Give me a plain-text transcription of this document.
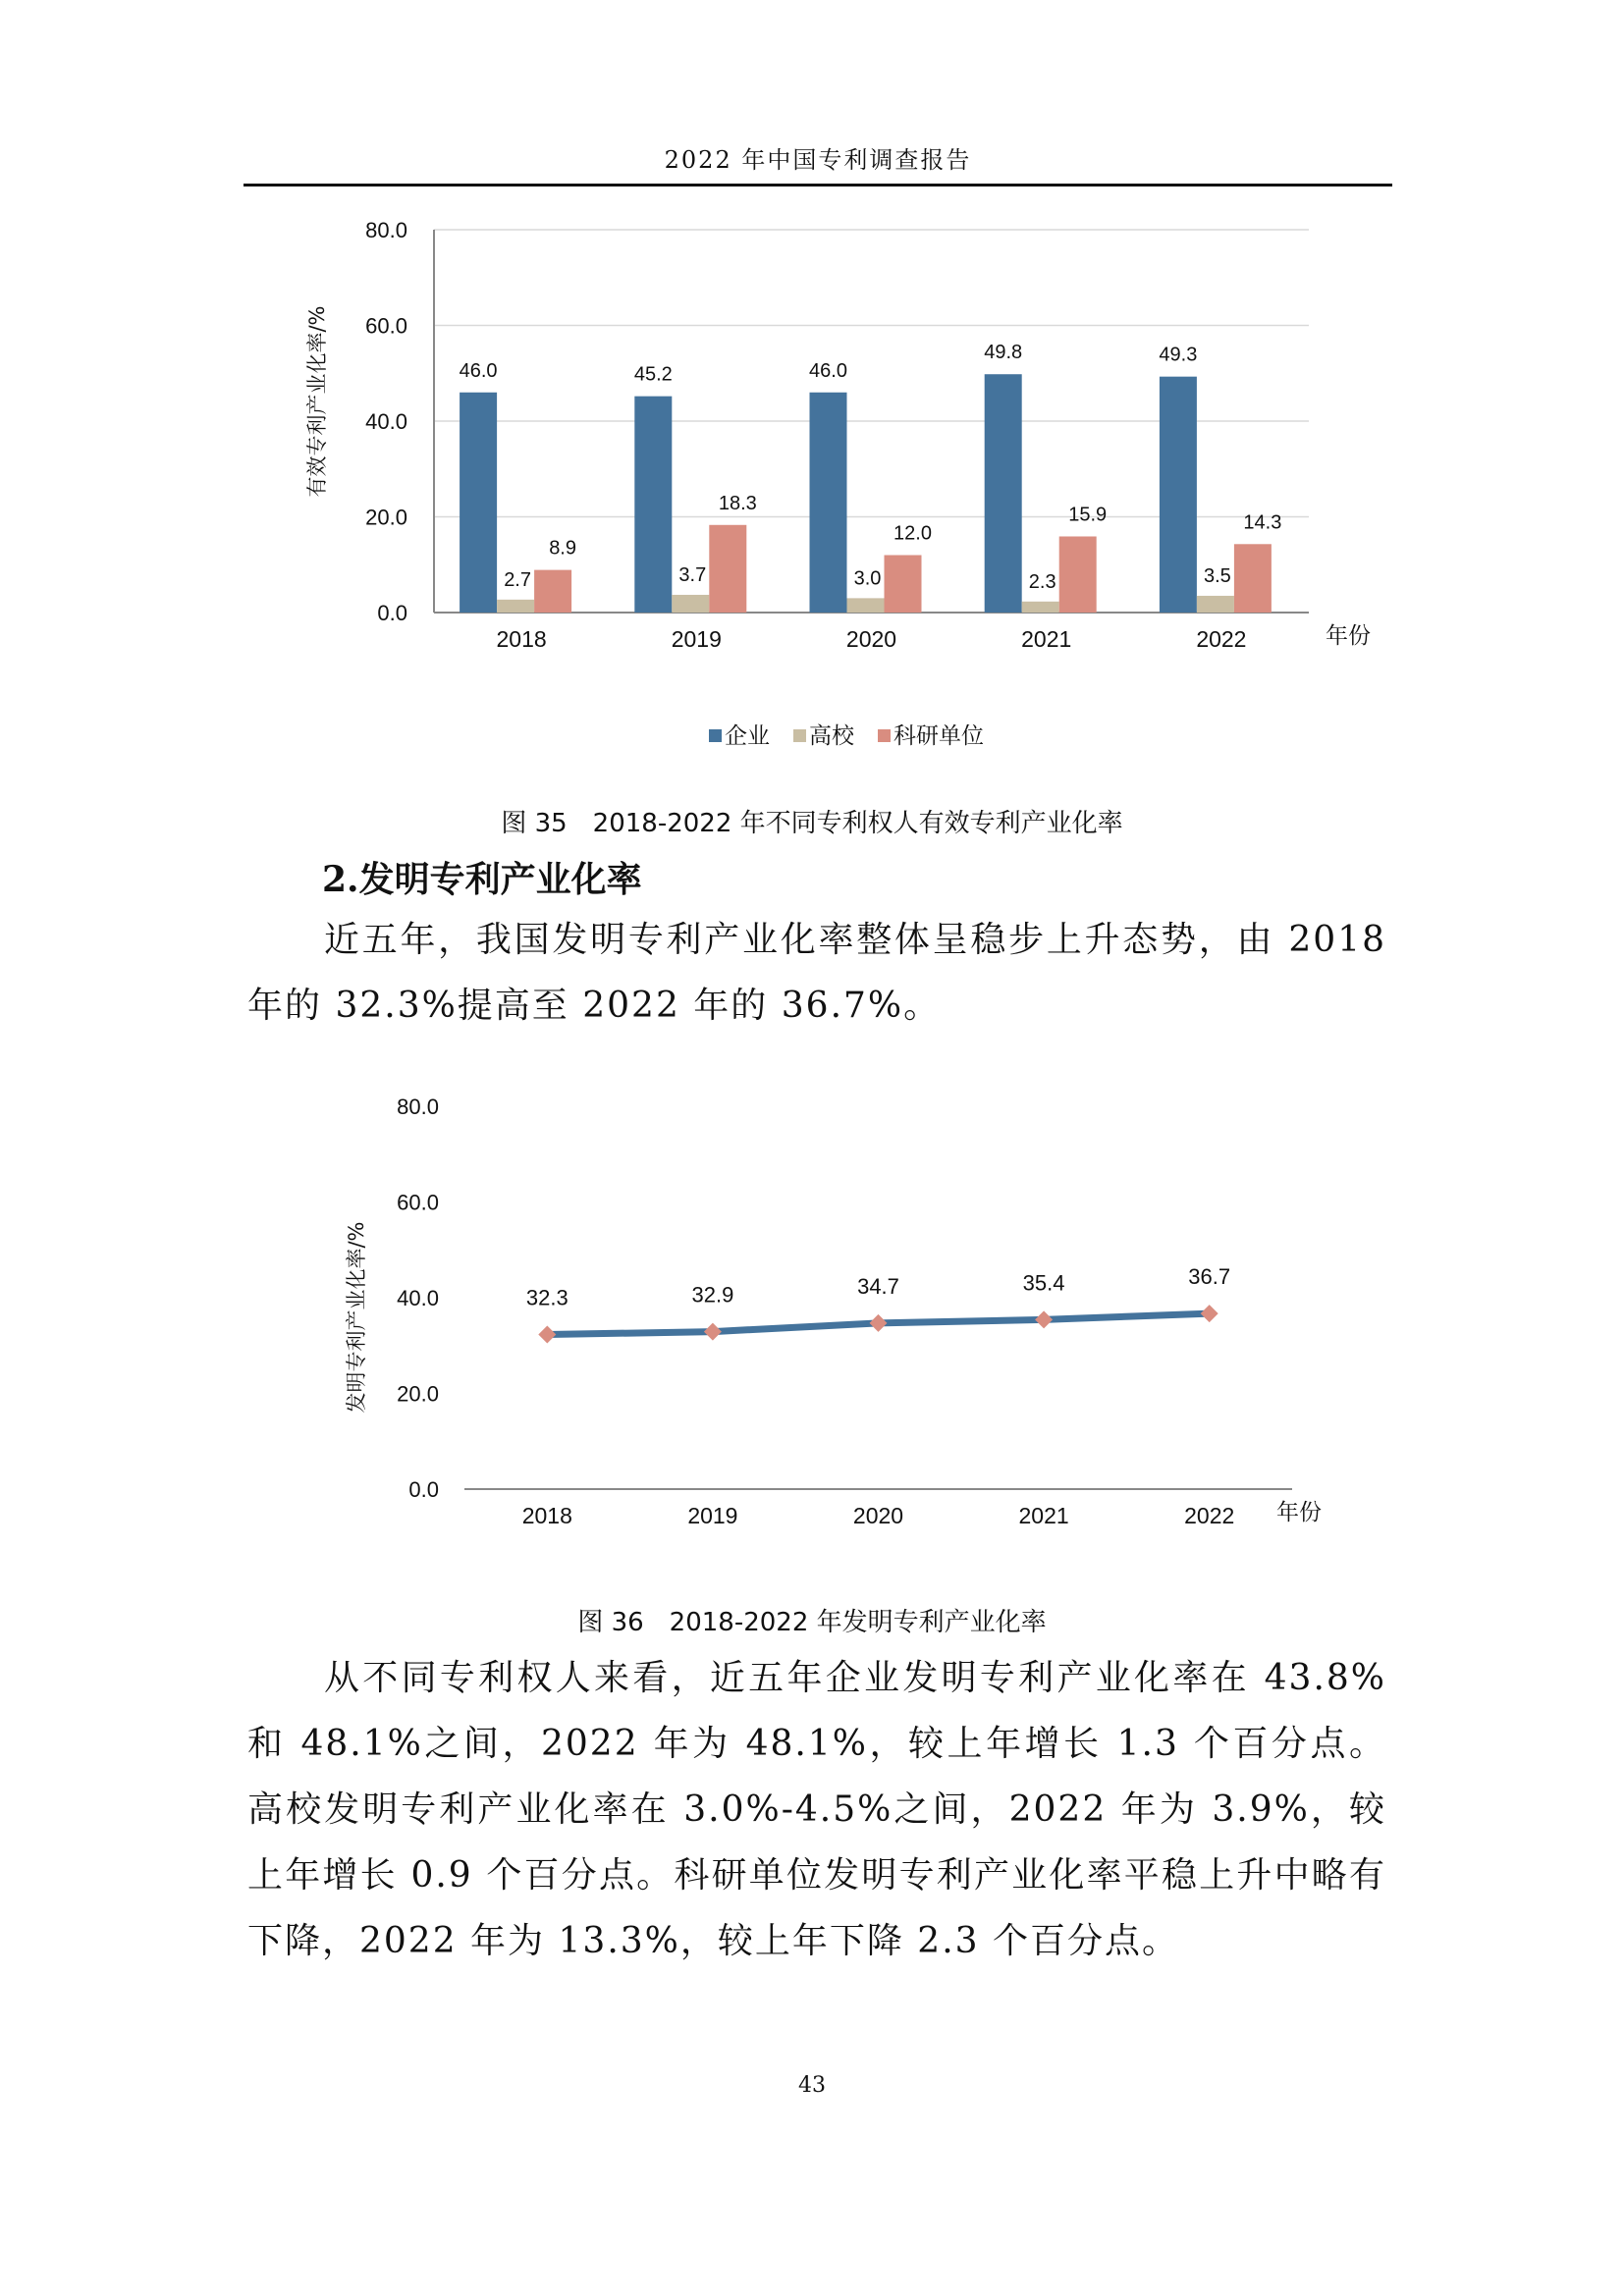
2022 年中国专利调查报告
0.0
20.0
40.0
60.0
80.0
2018
46.0
2.7
8.9
2019
45.2
3.7
18.3
2020
46.0
3.0
12.0
2021
49.8
2.3
15.9
2022
49.3
3.5
14.3
有效专利产业化率/%
年份
企业 高校 科研单位
图 35　2018-2022 年不同专利权人有效专利产业化率
2.发明专利产业化率
近五年，我国发明专利产业化率整体呈稳步上升态势，由 2018 年的 32.3%提高至 2022 年的 36.7%。
0.0
20.0
40.0
60.0
80.0
32.3
2018
32.9
2019
34.7
2020
35.4
2021
36.7
2022
发明专利产业化率/%
年份
图 36　2018-2022 年发明专利产业化率
从不同专利权人来看，近五年企业发明专利产业化率在 43.8%和 48.1%之间，2022 年为 48.1%，较上年增长 1.3 个百分点。高校发明专利产业化率在 3.0%-4.5%之间，2022 年为 3.9%，较上年增长 0.9 个百分点。科研单位发明专利产业化率平稳上升中略有下降，2022 年为 13.3%，较上年下降 2.3 个百分点。
43
